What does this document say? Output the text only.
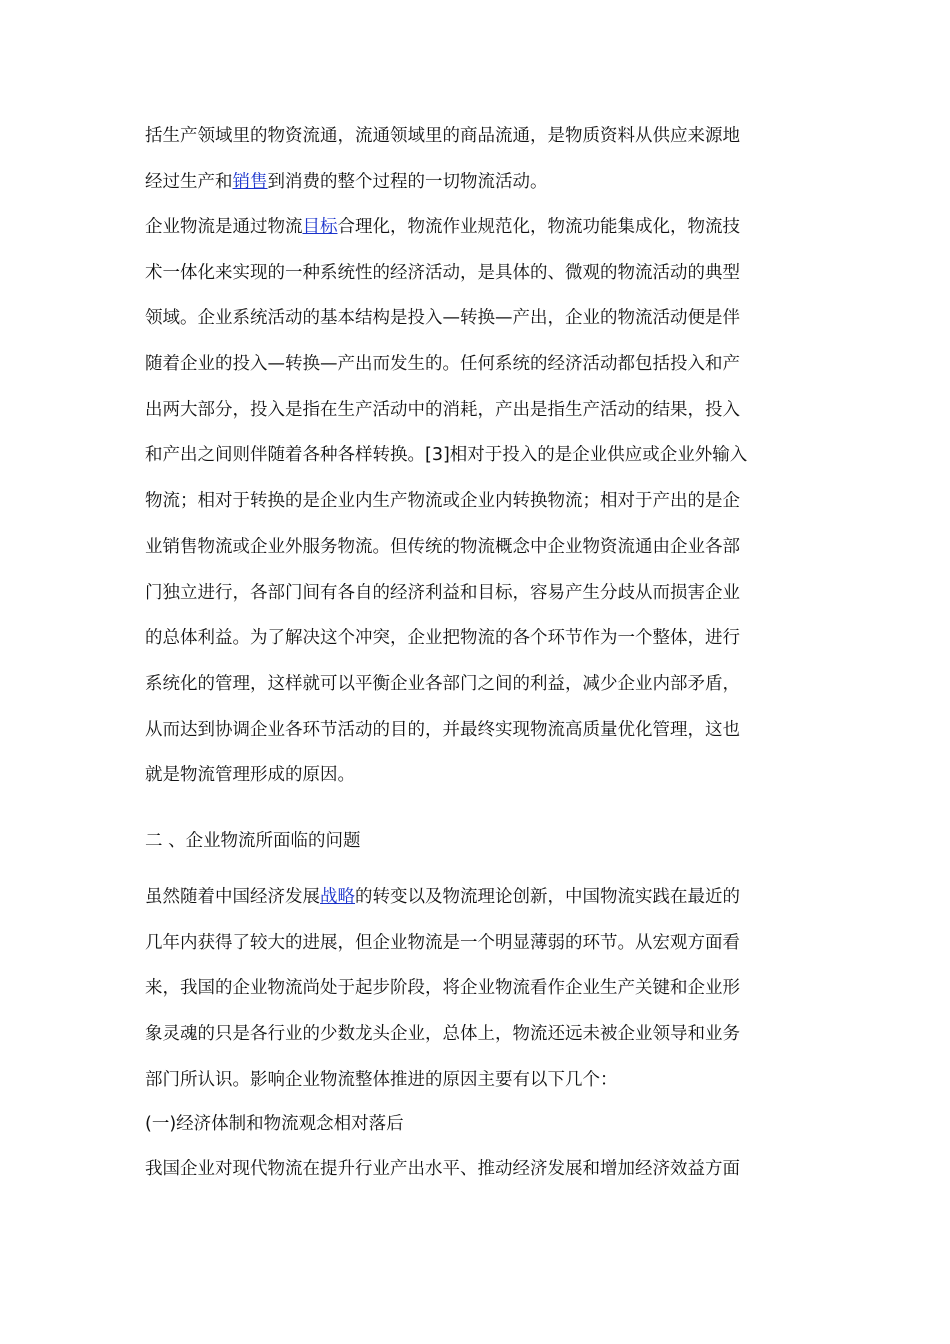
括生产领域里的物资流通，流通领域里的商品流通，是物质资料从供应来源地
经过生产和销售到消费的整个过程的一切物流活动。
企业物流是通过物流目标合理化，物流作业规范化，物流功能集成化，物流技
术一体化来实现的一种系统性的经济活动，是具体的、微观的物流活动的典型
领域。企业系统活动的基本结构是投入—转换—产出，企业的物流活动便是伴
随着企业的投入—转换—产出而发生的。任何系统的经济活动都包括投入和产
出两大部分，投入是指在生产活动中的消耗，产出是指生产活动的结果，投入
和产出之间则伴随着各种各样转换。[3]相对于投入的是企业供应或企业外输入
物流；相对于转换的是企业内生产物流或企业内转换物流；相对于产出的是企
业销售物流或企业外服务物流。但传统的物流概念中企业物资流通由企业各部
门独立进行，各部门间有各自的经济利益和目标，容易产生分歧从而损害企业
的总体利益。为了解决这个冲突，企业把物流的各个环节作为一个整体，进行
系统化的管理，这样就可以平衡企业各部门之间的利益，减少企业内部矛盾，
从而达到协调企业各环节活动的目的，并最终实现物流高质量优化管理，这也
就是物流管理形成的原因。
二 、企业物流所面临的问题
虽然随着中国经济发展战略的转变以及物流理论创新，中国物流实践在最近的
几年内获得了较大的进展，但企业物流是一个明显薄弱的环节。从宏观方面看
来，我国的企业物流尚处于起步阶段，将企业物流看作企业生产关键和企业形
象灵魂的只是各行业的少数龙头企业，总体上，物流还远未被企业领导和业务
部门所认识。影响企业物流整体推进的原因主要有以下几个：
(一)经济体制和物流观念相对落后
我国企业对现代物流在提升行业产出水平、推动经济发展和增加经济效益方面
